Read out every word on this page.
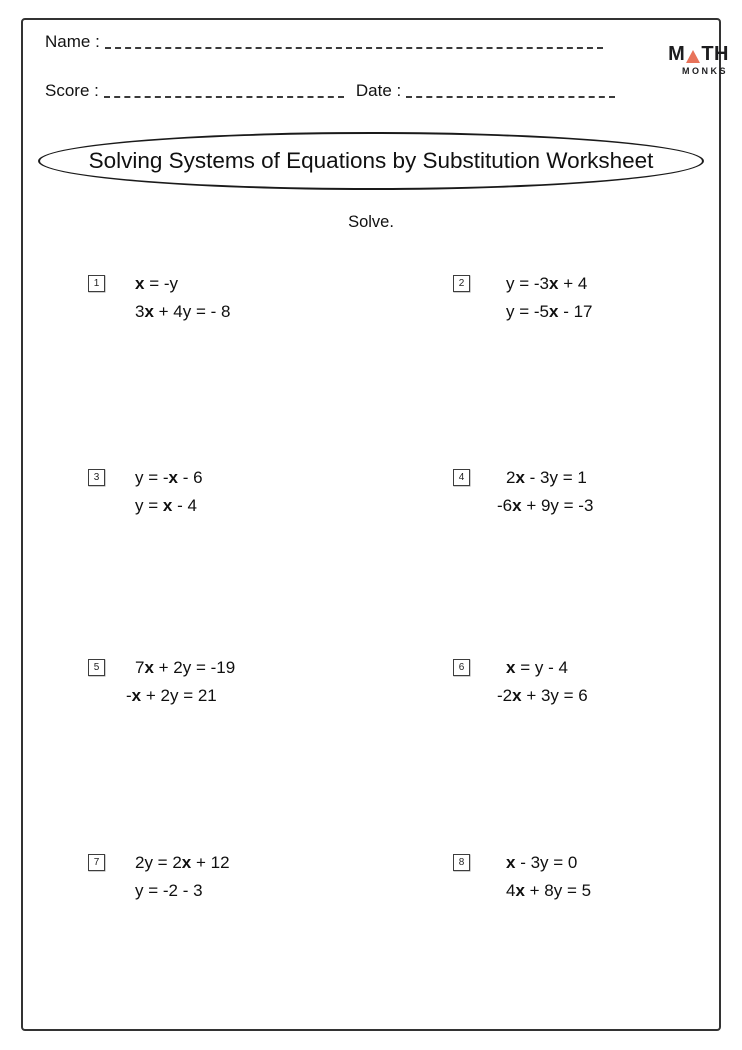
Name :
Score :	Date :
M TH
MONKS
Solving Systems of Equations by Substitution Worksheet
Solve.
1	x = -y
3x + 4y = - 8
2	y = -3x + 4
y = -5x - 17
3	y = -x - 6
y = x - 4
4	2x - 3y = 1
-6x + 9y = -3
5	7x + 2y = -19
-x + 2y = 21
6	x = y - 4
-2x + 3y = 6
7	2y = 2x + 12
y = -2 - 3
8	x - 3y = 0
4x + 8y = 5
